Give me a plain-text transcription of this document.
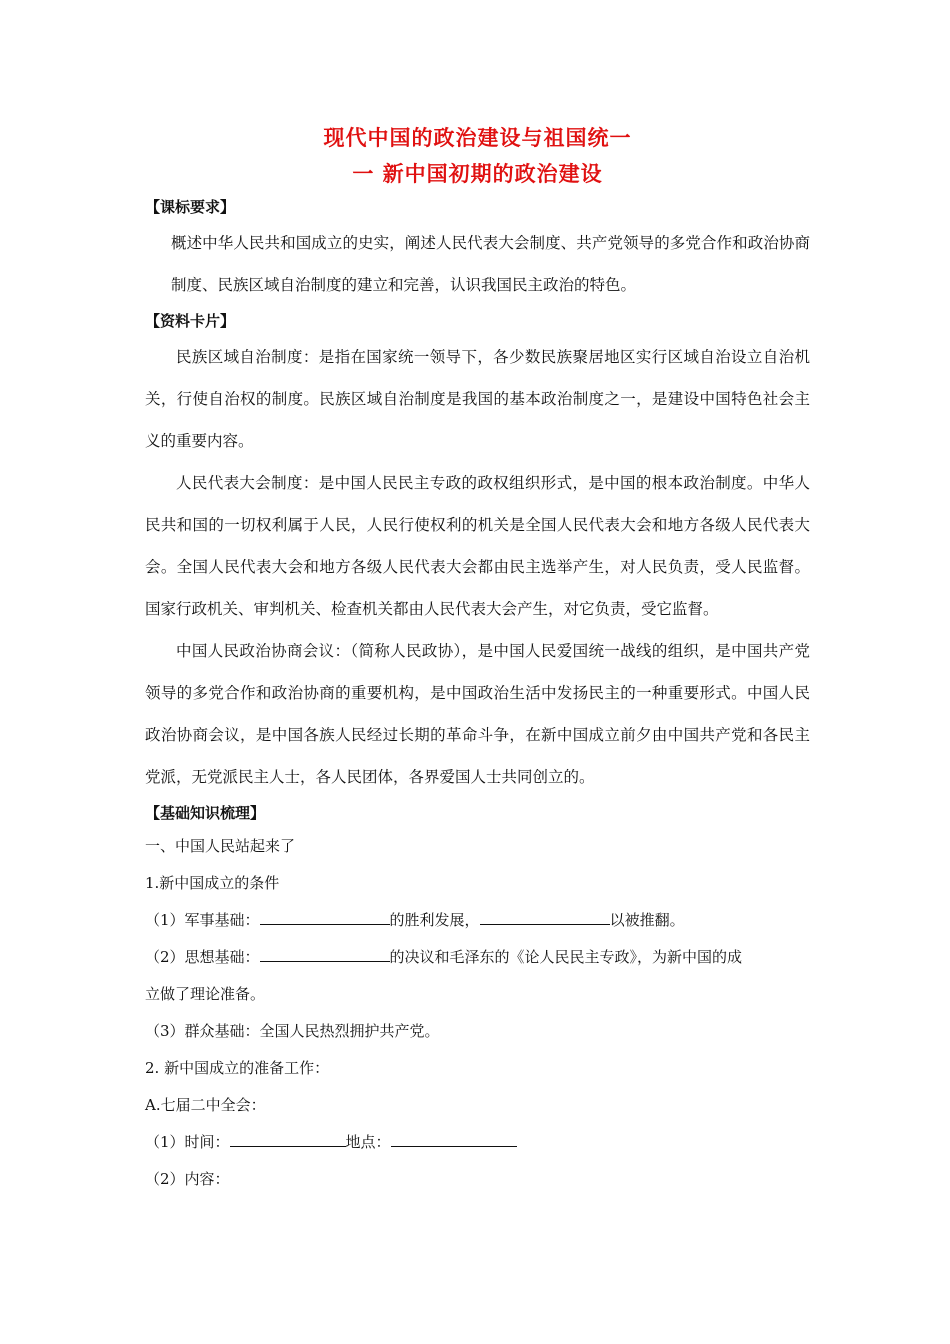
现代中国的政治建设与祖国统一
一 新中国初期的政治建设
【课标要求】

概述中华人民共和国成立的史实，阐述人民代表大会制度、共产党领导的多党合作和政治协商制度、民族区域自治制度的建立和完善，认识我国民主政治的特色。

【资料卡片】

民族区域自治制度：是指在国家统一领导下，各少数民族聚居地区实行区域自治设立自治机关，行使自治权的制度。民族区域自治制度是我国的基本政治制度之一，是建设中国特色社会主义的重要内容。

人民代表大会制度：是中国人民民主专政的政权组织形式，是中国的根本政治制度。中华人民共和国的一切权利属于人民，人民行使权利的机关是全国人民代表大会和地方各级人民代表大会。全国人民代表大会和地方各级人民代表大会都由民主选举产生，对人民负责，受人民监督。国家行政机关、审判机关、检查机关都由人民代表大会产生，对它负责，受它监督。

中国人民政治协商会议：（简称人民政协），是中国人民爱国统一战线的组织，是中国共产党领导的多党合作和政治协商的重要机构，是中国政治生活中发扬民主的一种重要形式。中国人民政治协商会议，是中国各族人民经过长期的革命斗争，在新中国成立前夕由中国共产党和各民主党派，无党派民主人士，各人民团体，各界爱国人士共同创立的。

【基础知识梳理】

一、中国人民站起来了

1.新中国成立的条件

（1）军事基础：	的胜利发展，	以被推翻。

（2）思想基础：	的决议和毛泽东的《论人民民主专政》，为新中国的成

立做了理论准备。

（3）群众基础：全国人民热烈拥护共产党。

2. 新中国成立的准备工作：

A.七届二中全会：

（1）时间：	地点：

（2）内容：
